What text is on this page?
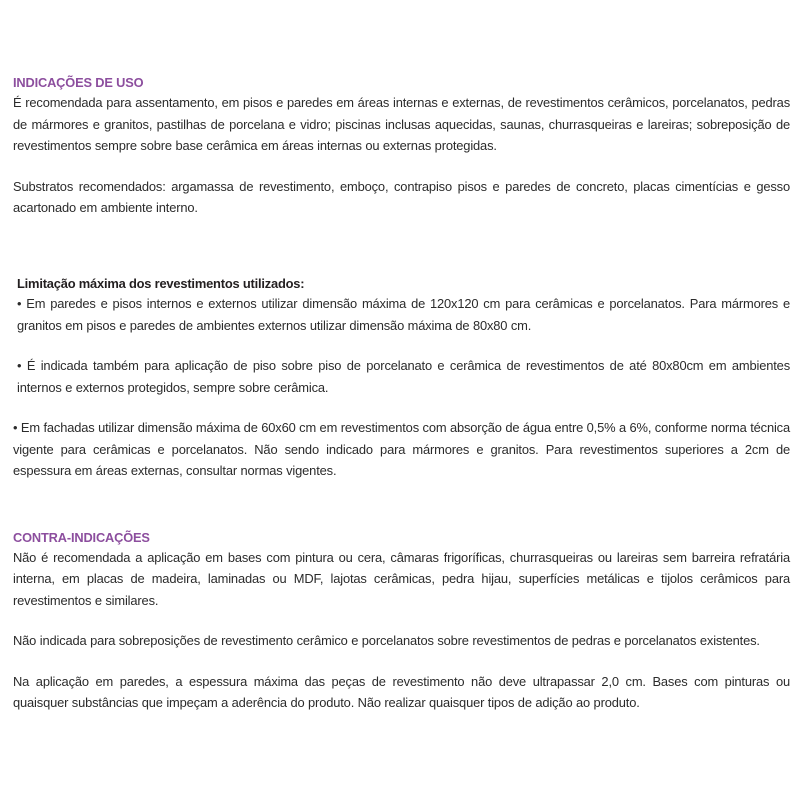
INDICAÇÕES DE USO

É recomendada para assentamento, em pisos e paredes em áreas internas e externas, de revestimentos cerâmicos, porcelanatos, pedras de mármores e granitos, pastilhas de porcelana e vidro; piscinas inclusas aquecidas, saunas, churrasqueiras e lareiras; sobreposição de revestimentos sempre sobre base cerâmica em áreas internas ou externas protegidas.

Substratos recomendados: argamassa de revestimento, emboço, contrapiso pisos e paredes de concreto, placas cimentícias e gesso acartonado em ambiente interno.

Limitação máxima dos revestimentos utilizados:

• Em paredes e pisos internos e externos utilizar dimensão máxima de 120x120 cm para cerâmicas e porcelanatos. Para mármores e granitos em pisos e paredes de ambientes externos utilizar dimensão máxima de 80x80 cm.

• É indicada também para aplicação de piso sobre piso de porcelanato e cerâmica de revestimentos de até 80x80cm em ambientes internos e externos protegidos, sempre sobre cerâmica.

• Em fachadas utilizar dimensão máxima de 60x60 cm em revestimentos com absorção de água entre 0,5% a 6%, conforme norma técnica vigente para cerâmicas e porcelanatos. Não sendo indicado para mármores e granitos. Para revestimentos superiores a 2cm de espessura em áreas externas, consultar normas vigentes.

CONTRA-INDICAÇÕES

Não é recomendada a aplicação em bases com pintura ou cera, câmaras frigoríficas, churrasqueiras ou lareiras sem barreira refratária interna, em placas de madeira, laminadas ou MDF, lajotas cerâmicas, pedra hijau, superfícies metálicas e tijolos cerâmicos para revestimentos e similares.

Não indicada para sobreposições de revestimento cerâmico e porcelanatos sobre revestimentos de pedras e porcelanatos existentes.

Na aplicação em paredes, a espessura máxima das peças de revestimento não deve ultrapassar 2,0 cm. Bases com pinturas ou quaisquer substâncias que impeçam a aderência do produto. Não realizar quaisquer tipos de adição ao produto.
